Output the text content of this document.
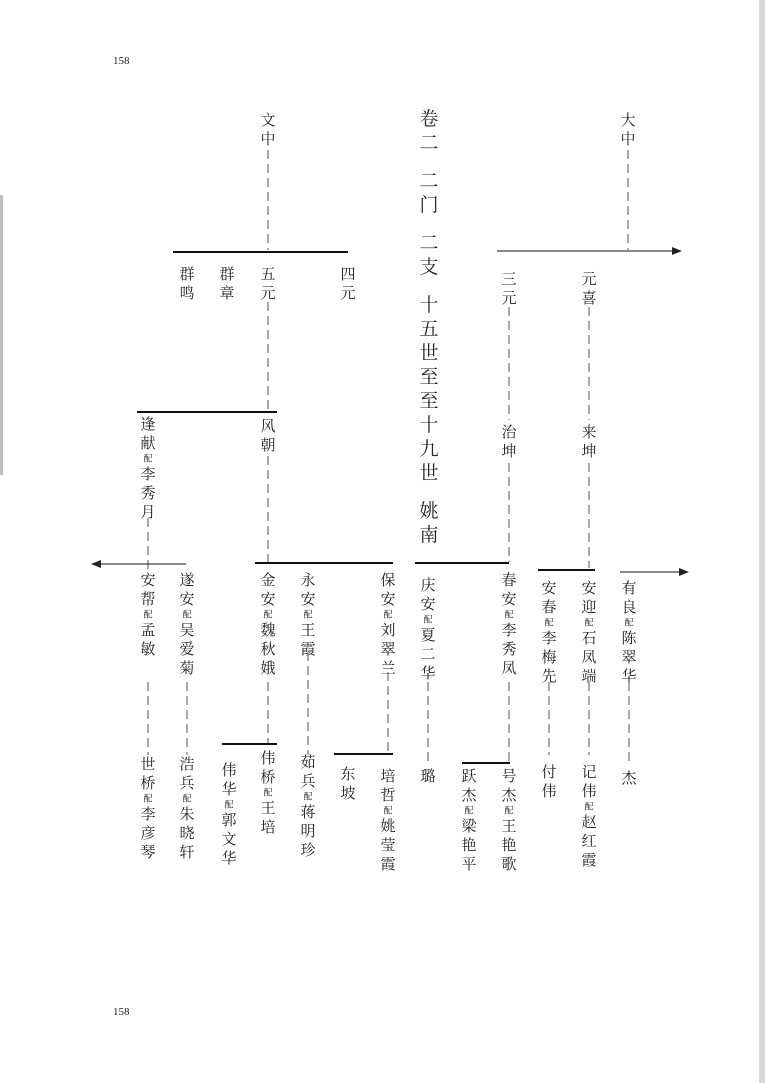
158
158
卷
二
二
门
二
支
十
五
世
至
至
十
九
世
姚
南
文
中
大
中
群
鸣
群
章
五
元
四
元
三
元
元
喜
风
朝
治
坤
来
坤
逢
献
配
李
秀
月
安
帮
配
孟
敏
遂
安
配
吴
爱
菊
金
安
配
魏
秋
娥
永
安
配
王
霞
保
安
配
刘
翠
兰
庆
安
配
夏
二
华
春
安
配
李
秀
凤
安
春
配
李
梅
先
安
迎
配
石
凤
端
有
良
配
陈
翠
华
世
桥
配
李
彦
琴
浩
兵
配
朱
晓
轩
伟
华
配
郭
文
华
伟
桥
配
王
培
茹
兵
配
蒋
明
珍
东
坡
培
哲
配
姚
莹
霞
璐 跃
杰
配
梁
艳
平
号
杰
配
王
艳
歌
付
伟
记
伟
配
赵
红
霞
杰
